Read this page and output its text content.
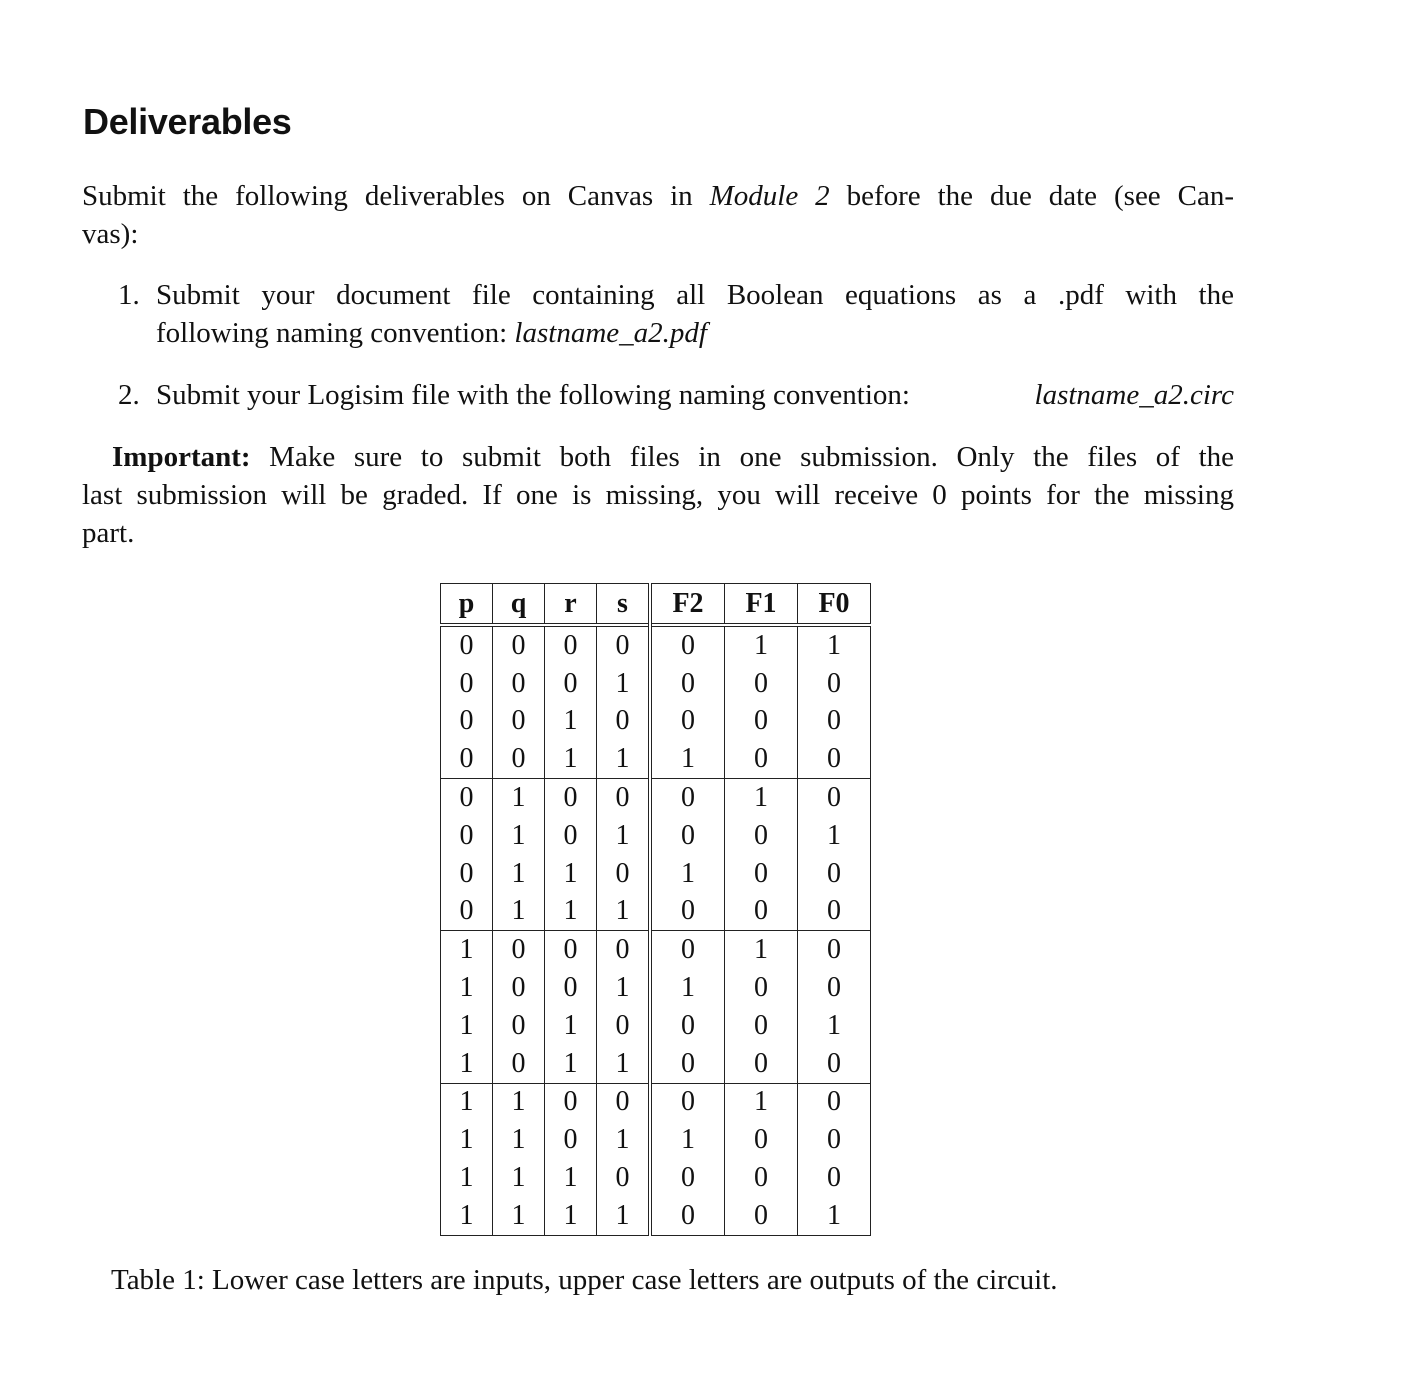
Deliverables

Submit the following deliverables on Canvas in Module 2 before the due date (see Can-
vas):

1. Submit your document file containing all Boolean equations as a .pdf with the
following naming convention: lastname_a2.pdf
2. Submit your Logisim file with the following naming convention:	lastname_a2.circ

Important: Make sure to submit both files in one submission. Only the files of the
last submission will be graded. If one is missing, you will receive 0 points for the missing
part.

p	q	r	s	F2	F1	F0
0	0	0	0	0	1	1
0	0	0	1	0	0	0
0	0	1	0	0	0	0
0	0	1	1	1	0	0
0	1	0	0	0	1	0
0	1	0	1	0	0	1
0	1	1	0	1	0	0
0	1	1	1	0	0	0
1	0	0	0	0	1	0
1	0	0	1	1	0	0
1	0	1	0	0	0	1
1	0	1	1	0	0	0
1	1	0	0	0	1	0
1	1	0	1	1	0	0
1	1	1	0	0	0	0
1	1	1	1	0	0	1

Table 1: Lower case letters are inputs, upper case letters are outputs of the circuit.
